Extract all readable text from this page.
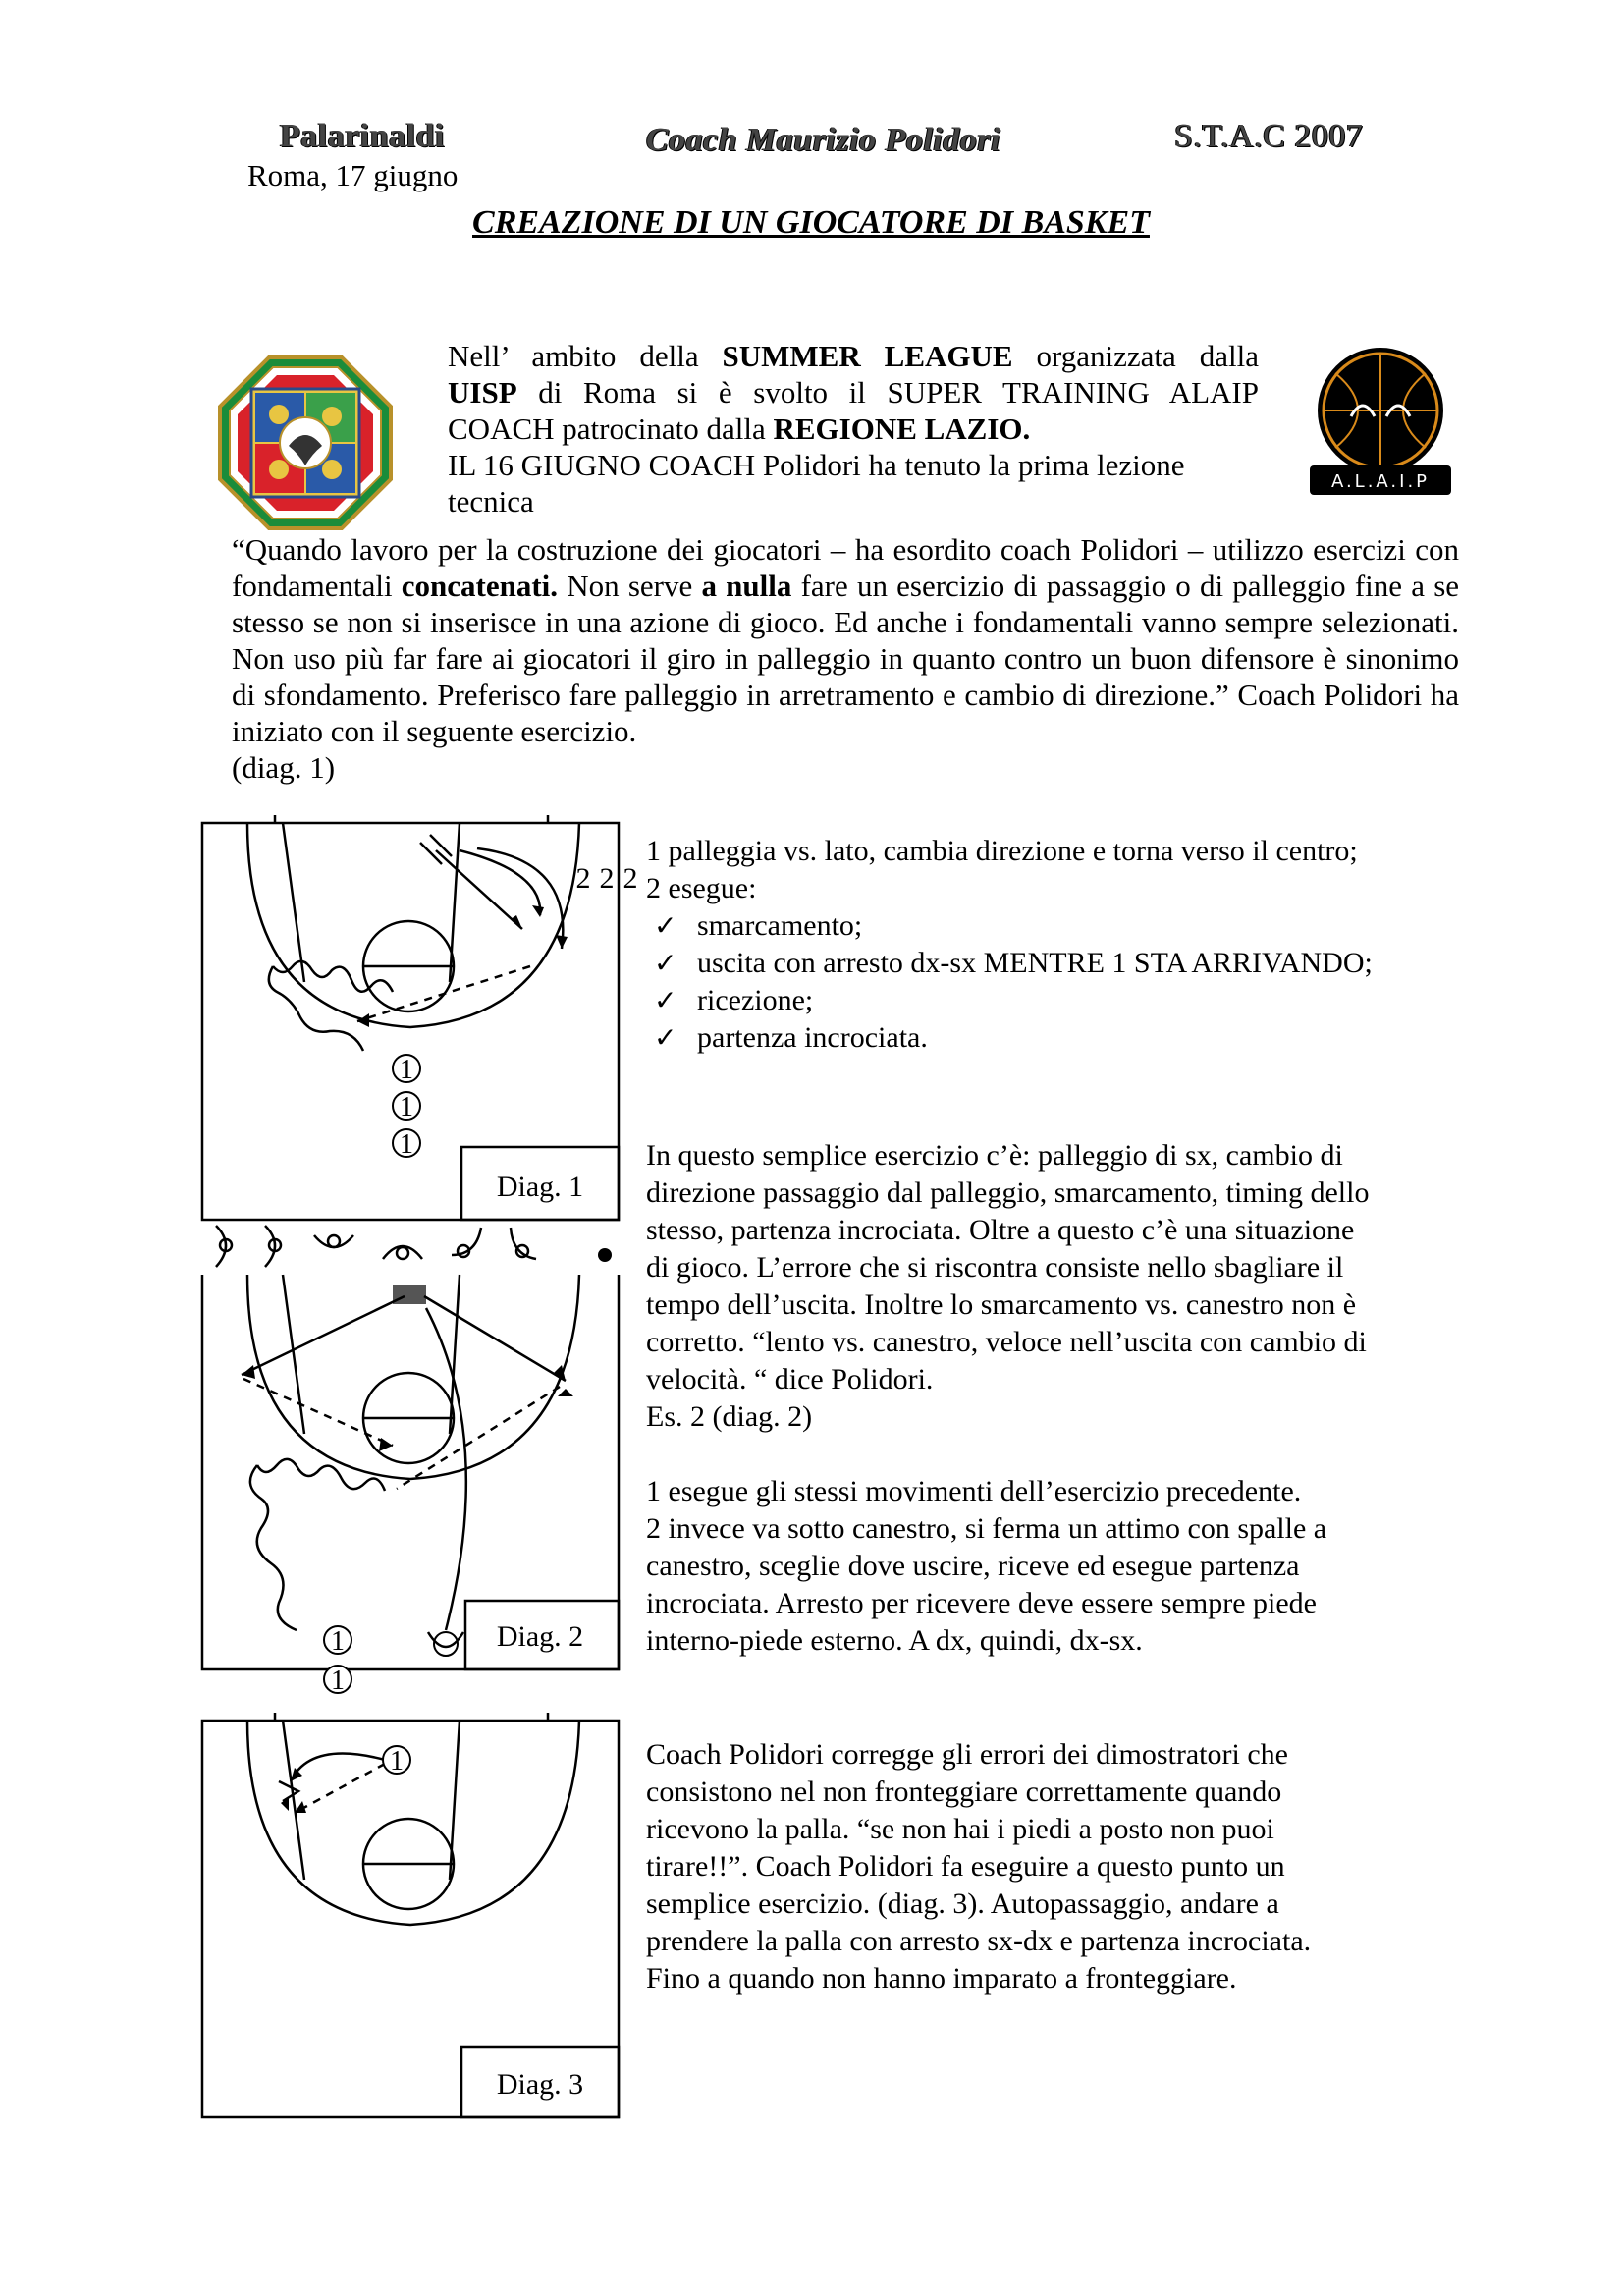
Palarinaldi
Roma, 17 giugno
Coach Maurizio Polidori	S.T.A.C 2007
CREAZIONE DI UN GIOCATORE DI BASKET
A.L.A.I.P

Nell’ ambito della SUMMER LEAGUE organizzata dalla

UISP di Roma si è svolto il SUPER TRAINING ALAIP

COACH patrocinato dalla REGIONE LAZIO.

IL 16 GIUGNO COACH Polidori ha tenuto la prima lezione

tecnica

“Quando lavoro per la costruzione dei giocatori – ha esordito coach Polidori – utilizzo esercizi con fondamentali concatenati. Non serve a nulla fare un esercizio di passaggio o di palleggio fine a se stesso se non si inserisce in una azione di gioco. Ed anche i fondamentali vanno sempre selezionati. Non uso più far fare ai giocatori il giro in palleggio in quanto contro un buon difensore è sinonimo di sfondamento. Preferisco fare palleggio in arretramento e cambio di direzione.” Coach Polidori ha iniziato con il seguente esercizio.

(diag. 1)

1
1
1
2 2 2
Diag. 1
1
1
Diag. 2
1
Diag. 3

1 palleggia vs. lato, cambia direzione e torna verso il centro;

2 esegue:

✓ smarcamento;
✓ uscita con arresto dx-sx MENTRE 1 STA ARRIVANDO;
✓ ricezione;
✓ partenza incrociata.

In questo semplice esercizio c’è: palleggio di sx, cambio di

direzione passaggio dal palleggio, smarcamento, timing dello

stesso, partenza incrociata. Oltre a questo c’è una situazione

di gioco. L’errore che si riscontra consiste nello sbagliare il

tempo dell’uscita. Inoltre lo smarcamento vs. canestro non è

corretto. “lento vs. canestro, veloce nell’uscita con cambio di

velocità. “ dice Polidori.

Es. 2 (diag. 2)

1 esegue gli stessi movimenti dell’esercizio precedente.

2 invece va sotto canestro, si ferma un attimo con spalle a

canestro, sceglie dove uscire, riceve ed esegue partenza

incrociata. Arresto per ricevere deve essere sempre piede

interno-piede esterno. A dx, quindi, dx-sx.

Coach Polidori corregge gli errori dei dimostratori che

consistono nel non fronteggiare correttamente quando

ricevono la palla. “se non hai i piedi a posto non puoi

tirare!!”. Coach Polidori fa eseguire a questo punto un

semplice esercizio. (diag. 3). Autopassaggio, andare a

prendere la palla con arresto sx-dx e partenza incrociata.

Fino a quando non hanno imparato a fronteggiare.
